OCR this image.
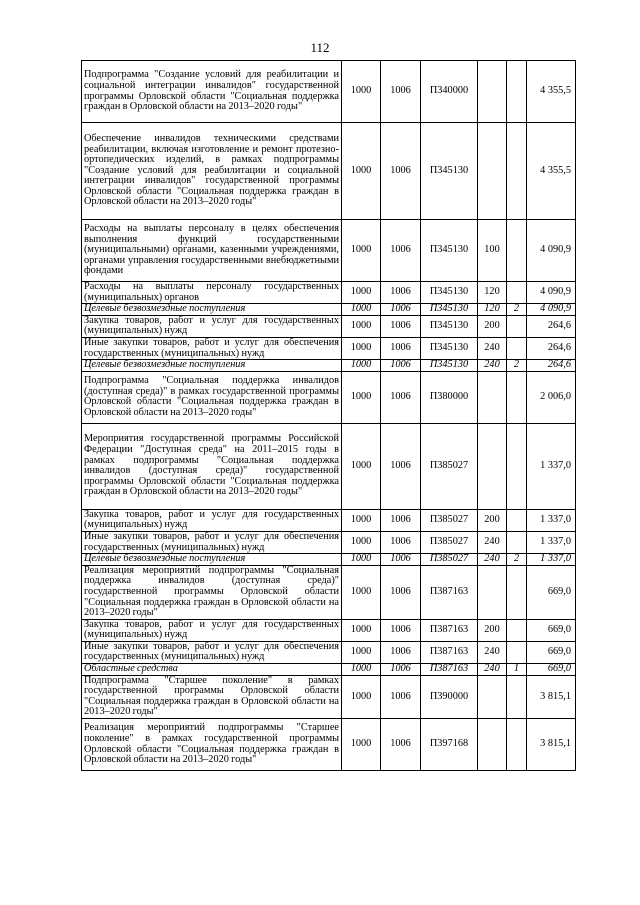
112
Подпрограмма "Создание условий для реабилитации и социальной интеграции инвалидов" государственной программы Орловской области "Социальная поддержка граждан в Орловской области на 2013–2020 годы"	1000	1006	П340000			4 355,5
Обеспечение инвалидов техническими средствами реабилитации, включая изготовление и ремонт протезно-ортопедических изделий, в рамках подпрограммы "Создание условий для реабилитации и социальной интеграции инвалидов" государственной программы Орловской области "Социальная поддержка граждан в Орловской области на 2013–2020 годы"	1000	1006	П345130			4 355,5
Расходы на выплаты персоналу в целях обеспечения выполнения функций государственными (муниципальными) органами, казенными учреждениями, органами управления государственными внебюджетными фондами	1000	1006	П345130	100		4 090,9
Расходы на выплаты персоналу государственных (муниципальных) органов	1000	1006	П345130	120		4 090,9
Целевые безвозмездные поступления	1000	1006	П345130	120	2	4 090,9
Закупка товаров, работ и услуг для государственных (муниципальных) нужд	1000	1006	П345130	200		264,6
Иные закупки товаров, работ и услуг для обеспечения государственных (муниципальных) нужд	1000	1006	П345130	240		264,6
Целевые безвозмездные поступления	1000	1006	П345130	240	2	264,6
Подпрограмма "Социальная поддержка инвалидов (доступная среда)" в рамках государственной программы Орловской области "Социальная поддержка граждан в Орловской области на 2013–2020 годы"	1000	1006	П380000			2 006,0
Мероприятия государственной программы Российской Федерации "Доступная среда" на 2011–2015 годы в рамках подпрограммы "Социальная поддержка инвалидов (доступная среда)" государственной программы Орловской области "Социальная поддержка граждан в Орловской области на 2013–2020 годы"	1000	1006	П385027			1 337,0
Закупка товаров, работ и услуг для государственных (муниципальных) нужд	1000	1006	П385027	200		1 337,0
Иные закупки товаров, работ и услуг для обеспечения государственных (муниципальных) нужд	1000	1006	П385027	240		1 337,0
Целевые безвозмездные поступления	1000	1006	П385027	240	2	1 337,0
Реализация мероприятий подпрограммы "Социальная поддержка инвалидов (доступная среда)" государственной программы Орловской области "Социальная поддержка граждан в Орловской области на 2013–2020 годы"	1000	1006	П387163			669,0
Закупка товаров, работ и услуг для государственных (муниципальных) нужд	1000	1006	П387163	200		669,0
Иные закупки товаров, работ и услуг для обеспечения государственных (муниципальных) нужд	1000	1006	П387163	240		669,0
Областные средства	1000	1006	П387163	240	1	669,0
Подпрограмма "Старшее поколение" в рамках государственной программы Орловской области "Социальная поддержка граждан в Орловской области на 2013–2020 годы"	1000	1006	П390000			3 815,1
Реализация мероприятий подпрограммы "Старшее поколение" в рамках государственной программы Орловской области "Социальная поддержка граждан в Орловской области на 2013–2020 годы"	1000	1006	П397168			3 815,1
